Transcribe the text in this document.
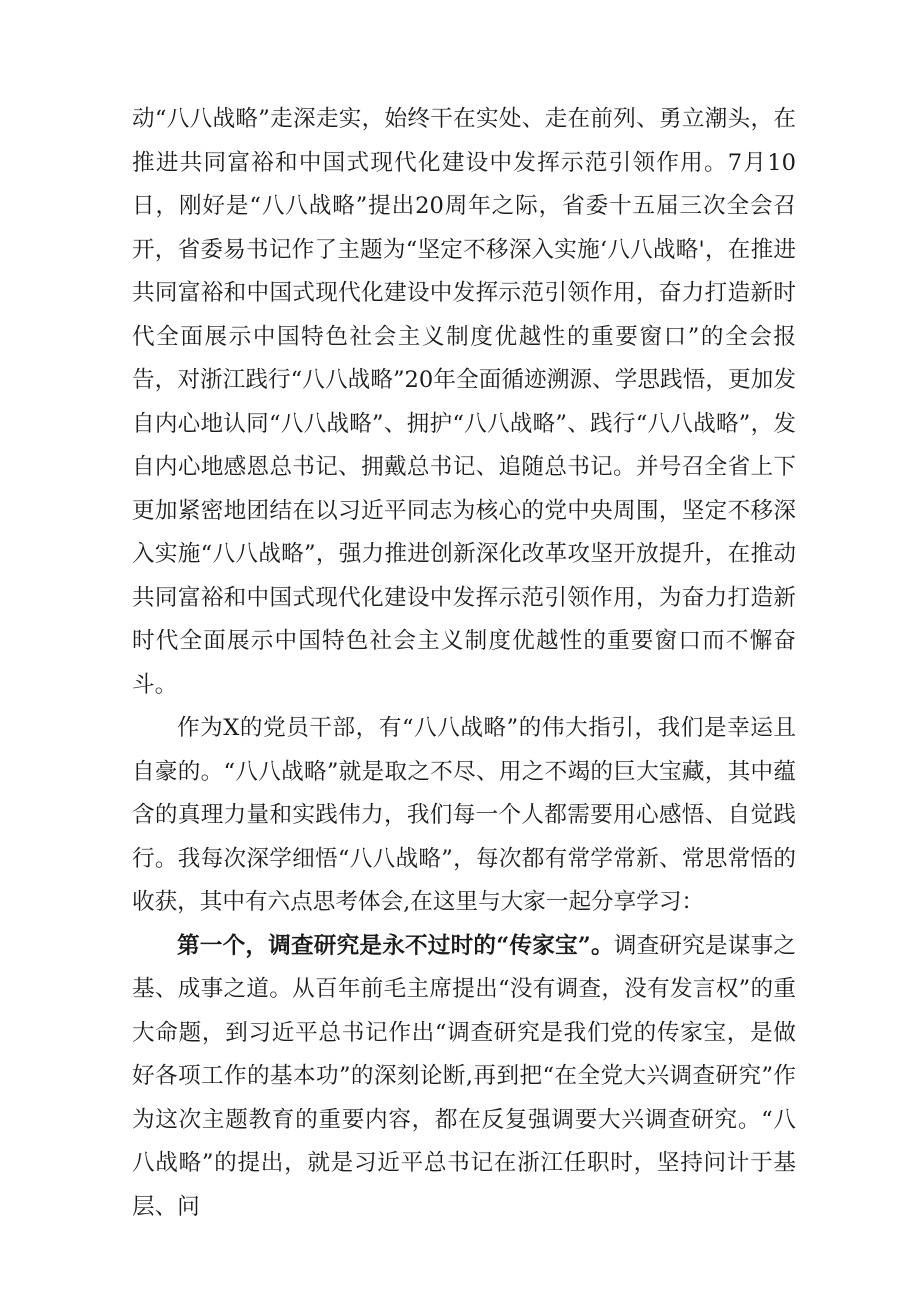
动“八八战略”走深走实，始终干在实处、走在前列、勇立潮头，在推进共同富裕和中国式现代化建设中发挥示范引领作用。7月10日，刚好是“八八战略”提出20周年之际，省委十五届三次全会召开，省委易书记作了主题为“坚定不移深入实施‘八八战略'，在推进共同富裕和中国式现代化建设中发挥示范引领作用，奋力打造新时代全面展示中国特色社会主义制度优越性的重要窗口”的全会报告，对浙江践行“八八战略”20年全面循迹溯源、学思践悟，更加发自内心地认同“八八战略”、拥护“八八战略”、践行“八八战略”，发自内心地感恩总书记、拥戴总书记、追随总书记。并号召全省上下更加紧密地团结在以习近平同志为核心的党中央周围，坚定不移深入实施“八八战略”，强力推进创新深化改革攻坚开放提升，在推动共同富裕和中国式现代化建设中发挥示范引领作用，为奋力打造新时代全面展示中国特色社会主义制度优越性的重要窗口而不懈奋斗。

作为X的党员干部，有“八八战略”的伟大指引，我们是幸运且自豪的。“八八战略”就是取之不尽、用之不竭的巨大宝藏，其中蕴含的真理力量和实践伟力，我们每一个人都需要用心感悟、自觉践行。我每次深学细悟“八八战略”，每次都有常学常新、常思常悟的收获，其中有六点思考体会,在这里与大家一起分享学习：

第一个，调查研究是永不过时的“传家宝”。调查研究是谋事之基、成事之道。从百年前毛主席提出“没有调查，没有发言权”的重大命题，到习近平总书记作出“调查研究是我们党的传家宝，是做好各项工作的基本功”的深刻论断,再到把“在全党大兴调查研究”作为这次主题教育的重要内容，都在反复强调要大兴调查研究。“八八战略”的提出，就是习近平总书记在浙江任职时，坚持问计于基层、问
